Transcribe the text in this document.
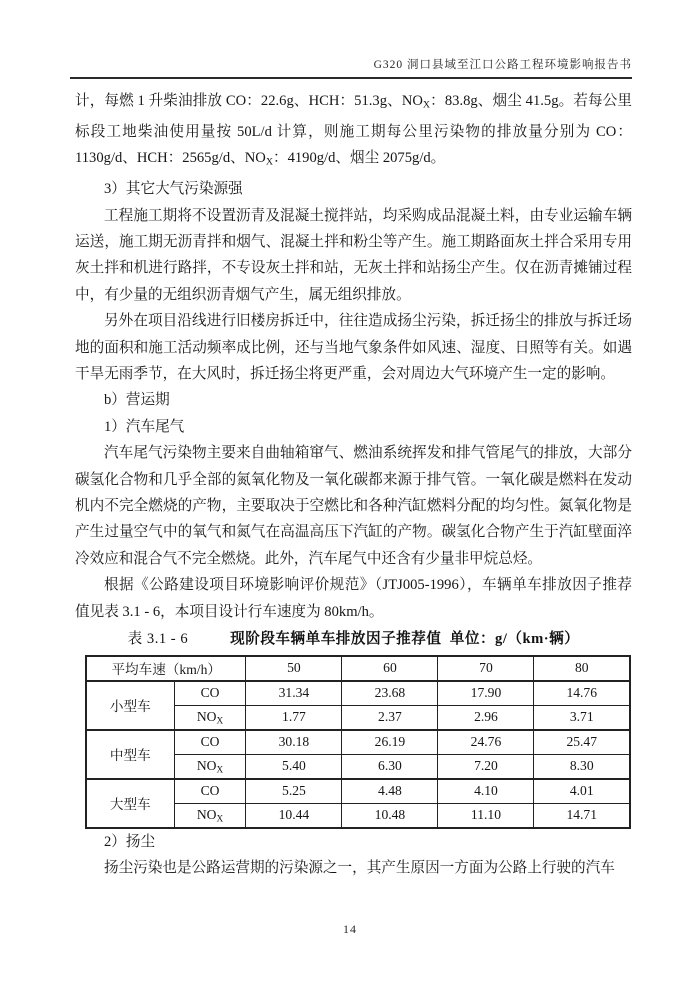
G320 洞口县域至江口公路工程环境影响报告书

计，每燃 1 升柴油排放 CO：22.6g、HCH：51.3g、$NO_X$：83.8g、烟尘 41.5g。若每公里标段工地柴油使用量按 50L/d 计算，则施工期每公里污染物的排放量分别为 CO：1130g/d、HCH：2565g/d、$NO_X$：4190g/d、烟尘 2075g/d。

3）其它大气污染源强

工程施工期将不设置沥青及混凝土搅拌站，均采购成品混凝土料，由专业运输车辆运送，施工期无沥青拌和烟气、混凝土拌和粉尘等产生。施工期路面灰土拌合采用专用灰土拌和机进行路拌，不专设灰土拌和站，无灰土拌和站扬尘产生。仅在沥青摊铺过程中，有少量的无组织沥青烟气产生，属无组织排放。

另外在项目沿线进行旧楼房拆迁中，往往造成扬尘污染，拆迁扬尘的排放与拆迁场地的面积和施工活动频率成比例，还与当地气象条件如风速、湿度、日照等有关。如遇干旱无雨季节，在大风时，拆迁扬尘将更严重，会对周边大气环境产生一定的影响。

b）营运期

1）汽车尾气

汽车尾气污染物主要来自曲轴箱窜气、燃油系统挥发和排气管尾气的排放，大部分碳氢化合物和几乎全部的氮氧化物及一氧化碳都来源于排气管。一氧化碳是燃料在发动机内不完全燃烧的产物，主要取决于空燃比和各种汽缸燃料分配的均匀性。氮氧化物是产生过量空气中的氧气和氮气在高温高压下汽缸的产物。碳氢化合物产生于汽缸壁面淬冷效应和混合气不完全燃烧。此外，汽车尾气中还含有少量非甲烷总烃。

根据《公路建设项目环境影响评价规范》（JTJ005-1996），车辆单车排放因子推荐值见表 3.1 - 6，本项目设计行车速度为 80km/h。

表 3.1 - 6	现阶段车辆单车排放因子推荐值  单位：g/（km·辆）
平均车速（km/h）		50	60	70	80
小型车	CO	31.34	23.68	17.90	14.76
	$NO_X$	1.77	2.37	2.96	3.71
中型车	CO	30.18	26.19	24.76	25.47
	$NO_X$	5.40	6.30	7.20	8.30
大型车	CO	5.25	4.48	4.10	4.01
	$NO_X$	10.44	10.48	11.10	14.71

2）扬尘

扬尘污染也是公路运营期的污染源之一，其产生原因一方面为公路上行驶的汽车

14
